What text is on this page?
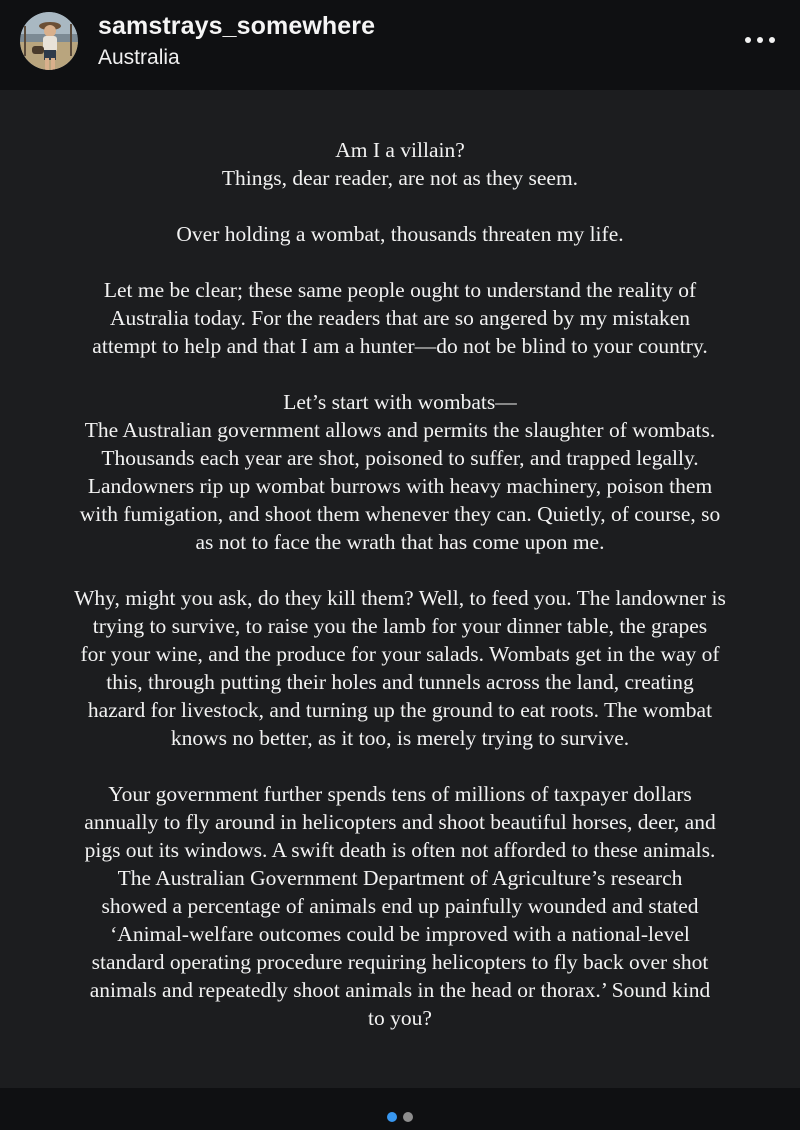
samstrays_somewhere
Australia

Am I a villain?
Things, dear reader, are not as they seem.

Over holding a wombat, thousands threaten my life.

Let me be clear; these same people ought to understand the reality of
Australia today. For the readers that are so angered by my mistaken
attempt to help and that I am a hunter—do not be blind to your country.

Let’s start with wombats—
The Australian government allows and permits the slaughter of wombats.
Thousands each year are shot, poisoned to suffer, and trapped legally.
Landowners rip up wombat burrows with heavy machinery, poison them
with fumigation, and shoot them whenever they can. Quietly, of course, so
as not to face the wrath that has come upon me.

Why, might you ask, do they kill them? Well, to feed you. The landowner is
trying to survive, to raise you the lamb for your dinner table, the grapes
for your wine, and the produce for your salads. Wombats get in the way of
this, through putting their holes and tunnels across the land, creating
hazard for livestock, and turning up the ground to eat roots. The wombat
knows no better, as it too, is merely trying to survive.

Your government further spends tens of millions of taxpayer dollars
annually to fly around in helicopters and shoot beautiful horses, deer, and
pigs out its windows. A swift death is often not afforded to these animals.
The Australian Government Department of Agriculture’s research
showed a percentage of animals end up painfully wounded and stated
‘Animal-welfare outcomes could be improved with a national-level
standard operating procedure requiring helicopters to fly back over shot
animals and repeatedly shoot animals in the head or thorax.’ Sound kind
to you?
